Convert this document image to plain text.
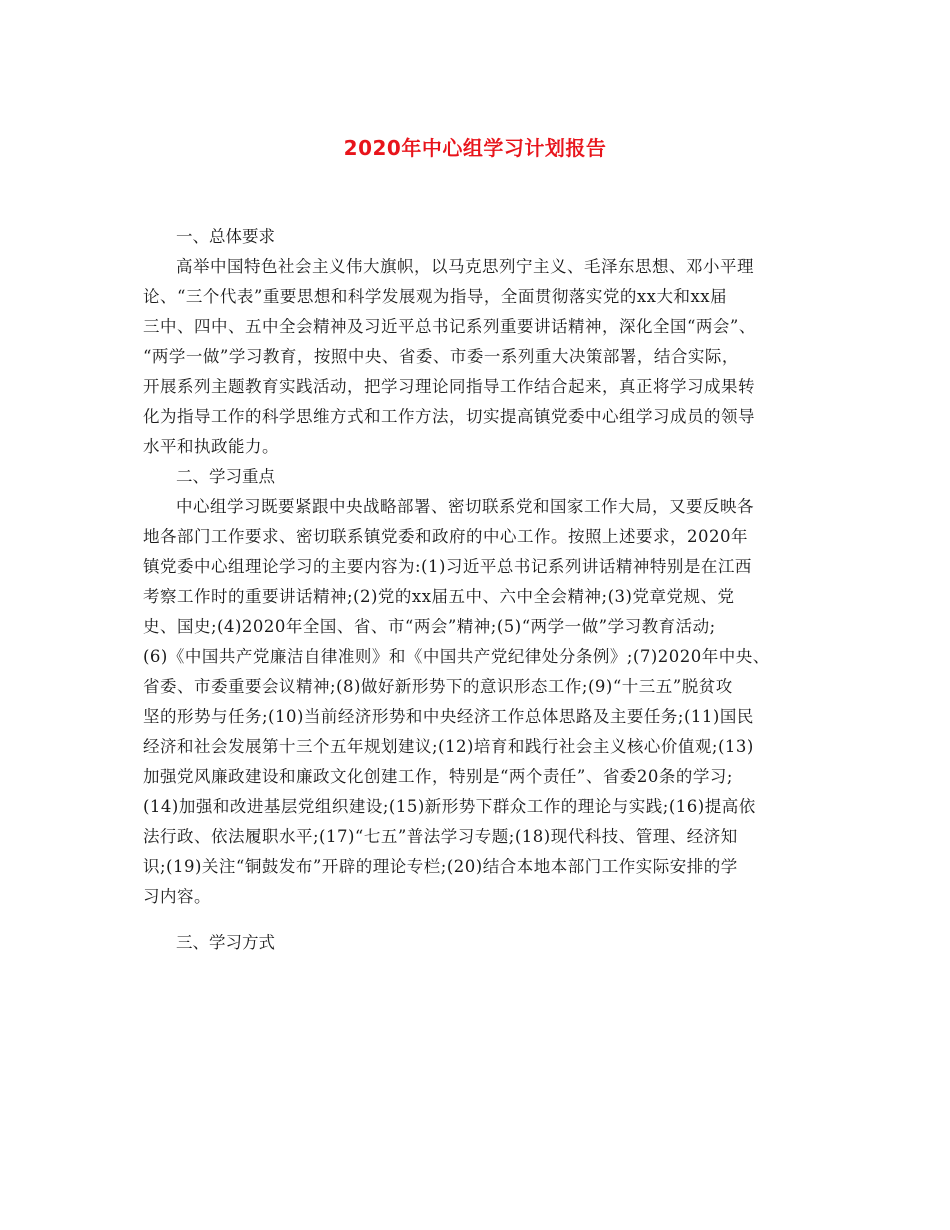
2020年中心组学习计划报告

一、总体要求

高举中国特色社会主义伟大旗帜，以马克思列宁主义、毛泽东思想、邓小平理

论、“三个代表”重要思想和科学发展观为指导，全面贯彻落实党的xx大和xx届

三中、四中、五中全会精神及习近平总书记系列重要讲话精神，深化全国“两会”、

“两学一做”学习教育，按照中央、省委、市委一系列重大决策部署，结合实际，

开展系列主题教育实践活动，把学习理论同指导工作结合起来，真正将学习成果转

化为指导工作的科学思维方式和工作方法，切实提高镇党委中心组学习成员的领导

水平和执政能力。

二、学习重点

中心组学习既要紧跟中央战略部署、密切联系党和国家工作大局，又要反映各

地各部门工作要求、密切联系镇党委和政府的中心工作。按照上述要求，2020年

镇党委中心组理论学习的主要内容为:(1)习近平总书记系列讲话精神特别是在江西

考察工作时的重要讲话精神;(2)党的xx届五中、六中全会精神;(3)党章党规、党

史、国史;(4)2020年全国、省、市“两会”精神;(5)“两学一做”学习教育活动;

(6)《中国共产党廉洁自律准则》和《中国共产党纪律处分条例》;(7)2020年中央、

省委、市委重要会议精神;(8)做好新形势下的意识形态工作;(9)“十三五”脱贫攻

坚的形势与任务;(10)当前经济形势和中央经济工作总体思路及主要任务;(11)国民

经济和社会发展第十三个五年规划建议;(12)培育和践行社会主义核心价值观;(13)

加强党风廉政建设和廉政文化创建工作，特别是“两个责任”、省委20条的学习;

(14)加强和改进基层党组织建设;(15)新形势下群众工作的理论与实践;(16)提高依

法行政、依法履职水平;(17)“七五”普法学习专题;(18)现代科技、管理、经济知

识;(19)关注“铜鼓发布”开辟的理论专栏;(20)结合本地本部门工作实际安排的学

习内容。

三、学习方式
